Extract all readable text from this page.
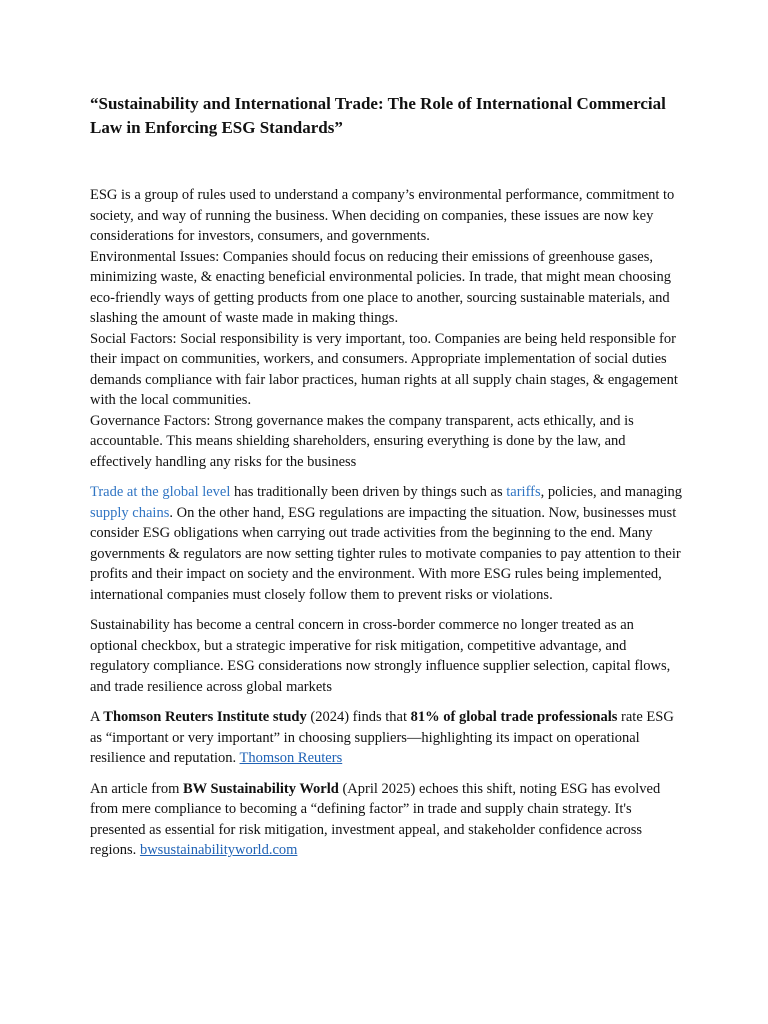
“Sustainability and International Trade: The Role of International Commercial Law in Enforcing ESG Standards”

ESG is a group of rules used to understand a company’s environmental performance, commitment to society, and way of running the business. When deciding on companies, these issues are now key considerations for investors, consumers, and governments.

Environmental Issues: Companies should focus on reducing their emissions of greenhouse gases, minimizing waste, & enacting beneficial environmental policies. In trade, that might mean choosing eco-friendly ways of getting products from one place to another, sourcing sustainable materials, and slashing the amount of waste made in making things.

Social Factors: Social responsibility is very important, too. Companies are being held responsible for their impact on communities, workers, and consumers. Appropriate implementation of social duties demands compliance with fair labor practices, human rights at all supply chain stages, & engagement with the local communities.

Governance Factors: Strong governance makes the company transparent, acts ethically, and is accountable. This means shielding shareholders, ensuring everything is done by the law, and effectively handling any risks for the business

Trade at the global level has traditionally been driven by things such as tariffs, policies, and managing supply chains. On the other hand, ESG regulations are impacting the situation. Now, businesses must consider ESG obligations when carrying out trade activities from the beginning to the end. Many governments & regulators are now setting tighter rules to motivate companies to pay attention to their profits and their impact on society and the environment. With more ESG rules being implemented, international companies must closely follow them to prevent risks or violations.

Sustainability has become a central concern in cross-border commerce no longer treated as an optional checkbox, but a strategic imperative for risk mitigation, competitive advantage, and regulatory compliance. ESG considerations now strongly influence supplier selection, capital flows, and trade resilience across global markets

A Thomson Reuters Institute study (2024) finds that 81% of global trade professionals rate ESG as “important or very important” in choosing suppliers—highlighting its impact on operational resilience and reputation. Thomson Reuters

An article from BW Sustainability World (April 2025) echoes this shift, noting ESG has evolved from mere compliance to becoming a “defining factor” in trade and supply chain strategy. It's presented as essential for risk mitigation, investment appeal, and stakeholder confidence across regions. bwsustainabilityworld.com
